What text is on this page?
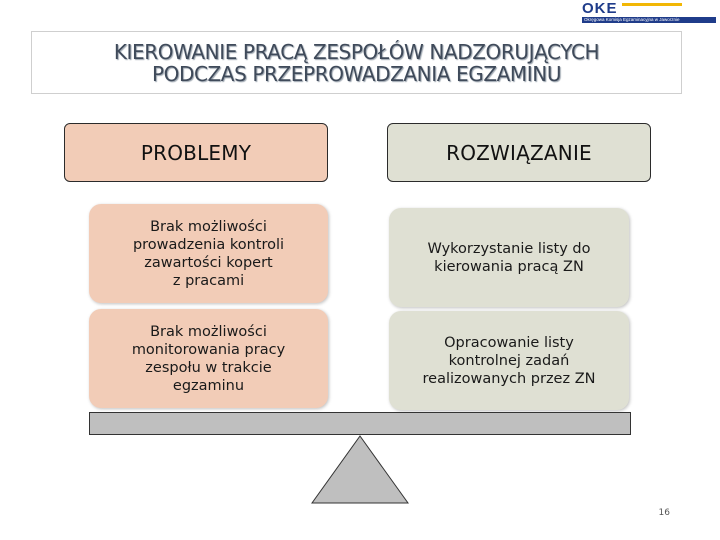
OKE
Okręgowa Komisja Egzaminacyjna w Jaworznie
KIEROWANIE PRACĄ ZESPOŁÓW NADZORUJĄCYCH
PODCZAS PRZEPROWADZANIA EGZAMINU
PROBLEMY	ROZWIĄZANIE
Brak możliwości
prowadzenia kontroli
zawartości kopert
z pracami
Wykorzystanie listy do
kierowania pracą ZN
Brak możliwości
monitorowania pracy
zespołu w trakcie
egzaminu
Opracowanie listy
kontrolnej zadań
realizowanych przez ZN
16
